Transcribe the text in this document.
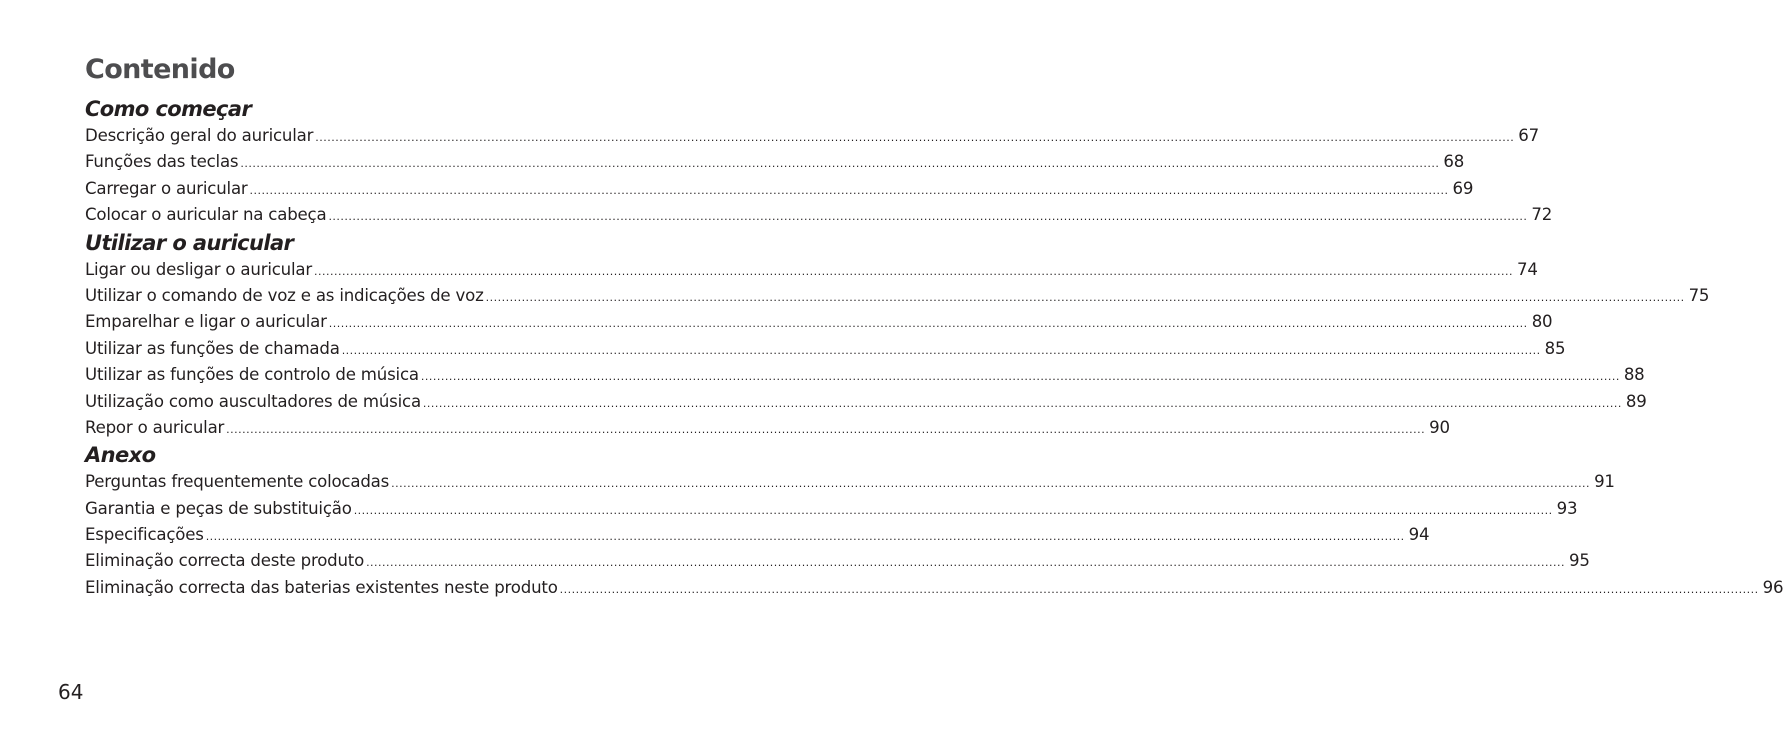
Contenido
Como começar
Descrição geral do auricular ............................................................................................................................................................................................................................................................................................................ 67
Funções das teclas ............................................................................................................................................................................................................................................................................................................ 68
Carregar o auricular ............................................................................................................................................................................................................................................................................................................ 69
Colocar o auricular na cabeça ............................................................................................................................................................................................................................................................................................................ 72
Utilizar o auricular
Ligar ou desligar o auricular ............................................................................................................................................................................................................................................................................................................ 74
Utilizar o comando de voz e as indicações de voz ............................................................................................................................................................................................................................................................................................................ 75
Emparelhar e ligar o auricular ............................................................................................................................................................................................................................................................................................................ 80
Utilizar as funções de chamada ............................................................................................................................................................................................................................................................................................................ 85
Utilizar as funções de controlo de música ............................................................................................................................................................................................................................................................................................................ 88
Utilização como auscultadores de música ............................................................................................................................................................................................................................................................................................................ 89
Repor o auricular ............................................................................................................................................................................................................................................................................................................ 90
Anexo
Perguntas frequentemente colocadas ............................................................................................................................................................................................................................................................................................................ 91
Garantia e peças de substituição ............................................................................................................................................................................................................................................................................................................ 93
Especificações ............................................................................................................................................................................................................................................................................................................ 94
Eliminação correcta deste produto ............................................................................................................................................................................................................................................................................................................ 95
Eliminação correcta das baterias existentes neste produto ............................................................................................................................................................................................................................................................................................................ 96
64
